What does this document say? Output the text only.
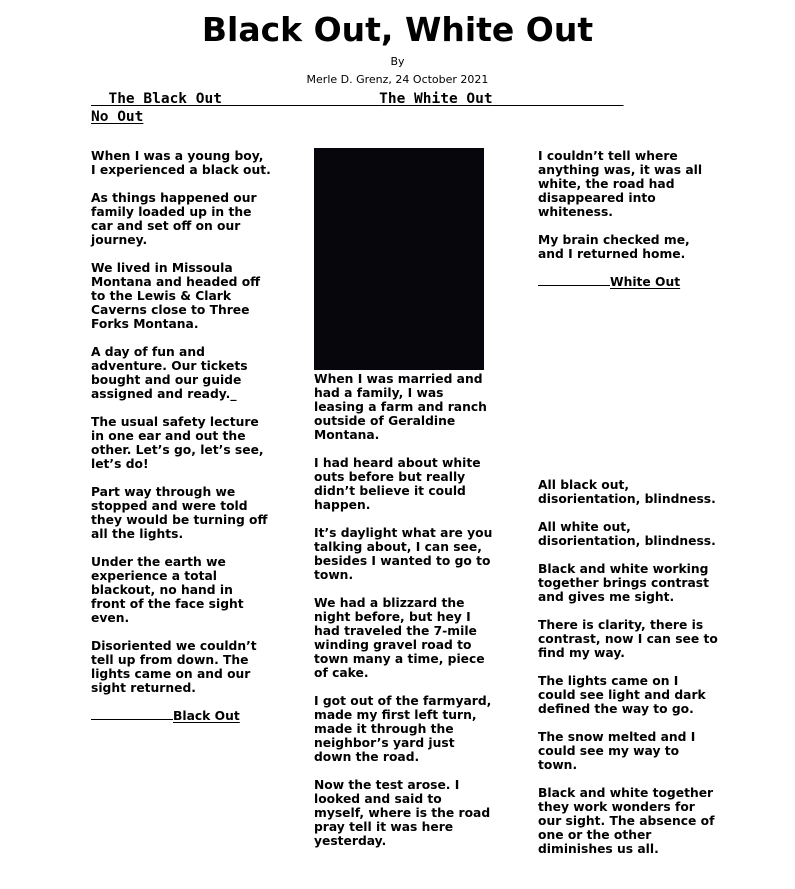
Black Out, White Out
By
Merle D. Grenz, 24 October 2021
The Black Out	The White Out
No Out

When I was a young boy, I experienced a black out.

As things happened our family loaded up in the car and set off on our journey.

We lived in Missoula Montana and headed off to the Lewis & Clark Caverns close to Three Forks Montana.

A day of fun and adventure. Our tickets bought and our guide assigned and ready._

The usual safety lecture in one ear and out the other. Let’s go, let’s see, let’s do!

Part way through we stopped and were told they would be turning off all the lights.

Under the earth we experience a total blackout, no hand in front of the face sight even.

Disoriented we couldn’t tell up from down. The lights came on and our sight returned.

Black Out

When I was married and had a family, I was leasing a farm and ranch outside of Geraldine Montana.

I had heard about white outs before but really didn’t believe it could happen.

It’s daylight what are you talking about, I can see, besides I wanted to go to town.

We had a blizzard the night before, but hey I had traveled the 7-mile winding gravel road to town many a time, piece of cake.

I got out of the farmyard, made my first left turn, made it through the neighbor’s yard just down the road.

Now the test arose. I looked and said to myself, where is the road pray tell it was here yesterday.

I couldn’t tell where anything was, it was all white, the road had disappeared into whiteness.

My brain checked me, and I returned home.

White Out

All black out, disorientation, blindness.

All white out, disorientation, blindness.

Black and white working together brings contrast and gives me sight.

There is clarity, there is contrast, now I can see to find my way.

The lights came on I could see light and dark defined the way to go.

The snow melted and I could see my way to town.

Black and white together they work wonders for our sight. The absence of one or the other diminishes us all.
